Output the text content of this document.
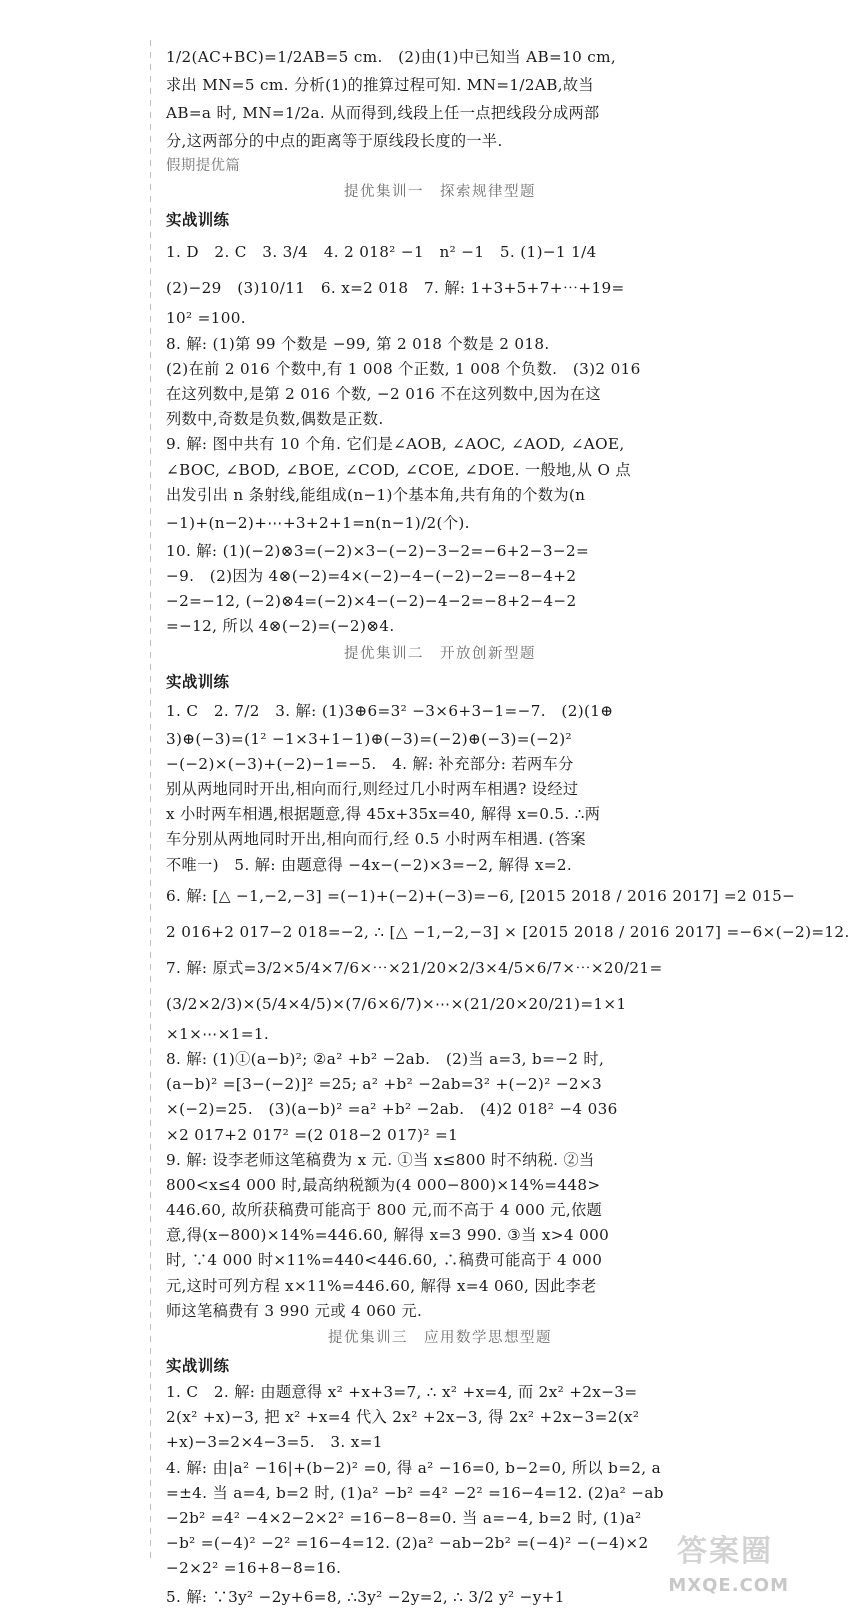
1/2(AC+BC)=1/2AB=5 cm.　(2)由(1)中已知当 AB=10 cm,
求出 MN=5 cm. 分析(1)的推算过程可知. MN=1/2AB,故当
AB=a 时, MN=1/2a. 从而得到,线段上任一点把线段分成两部
分,这两部分的中点的距离等于原线段长度的一半.
假期提优篇
提优集训一　探索规律型题
实战训练
1. D　2. C　3. 3/4　4. 2 018² −1　n² −1　5. (1)−1 1/4
(2)−29　(3)10/11　6. x=2 018　7. 解: 1+3+5+7+⋯+19=
10² =100.
8. 解: (1)第 99 个数是 −99, 第 2 018 个数是 2 018.
(2)在前 2 016 个数中,有 1 008 个正数, 1 008 个负数.　(3)2 016
在这列数中,是第 2 016 个数, −2 016 不在这列数中,因为在这
列数中,奇数是负数,偶数是正数.
9. 解: 图中共有 10 个角. 它们是∠AOB, ∠AOC, ∠AOD, ∠AOE,
∠BOC, ∠BOD, ∠BOE, ∠COD, ∠COE, ∠DOE. 一般地,从 O 点
出发引出 n 条射线,能组成(n−1)个基本角,共有角的个数为(n
−1)+(n−2)+⋯+3+2+1=n(n−1)/2(个).
10. 解: (1)(−2)⊗3=(−2)×3−(−2)−3−2=−6+2−3−2=
−9.　(2)因为 4⊗(−2)=4×(−2)−4−(−2)−2=−8−4+2
−2=−12, (−2)⊗4=(−2)×4−(−2)−4−2=−8+2−4−2
=−12, 所以 4⊗(−2)=(−2)⊗4.
提优集训二　开放创新型题
实战训练
1. C　2. 7/2　3. 解: (1)3⊕6=3² −3×6+3−1=−7.　(2)(1⊕
3)⊕(−3)=(1² −1×3+1−1)⊕(−3)=(−2)⊕(−3)=(−2)²
−(−2)×(−3)+(−2)−1=−5.　4. 解: 补充部分: 若两车分
别从两地同时开出,相向而行,则经过几小时两车相遇? 设经过
x 小时两车相遇,根据题意,得 45x+35x=40, 解得 x=0.5. ∴两
车分别从两地同时开出,相向而行,经 0.5 小时两车相遇. (答案
不唯一)　5. 解: 由题意得 −4x−(−2)×3=−2, 解得 x=2.
6. 解: [△ −1,−2,−3] =(−1)+(−2)+(−3)=−6, [2015 2018 / 2016 2017] =2 015−
2 016+2 017−2 018=−2, ∴ [△ −1,−2,−3] × [2015 2018 / 2016 2017] =−6×(−2)=12.
7. 解: 原式=3/2×5/4×7/6×⋯×21/20×2/3×4/5×6/7×⋯×20/21=
(3/2×2/3)×(5/4×4/5)×(7/6×6/7)×⋯×(21/20×20/21)=1×1
×1×⋯×1=1.
8. 解: (1)①(a−b)²; ②a² +b² −2ab.　(2)当 a=3, b=−2 时,
(a−b)² =[3−(−2)]² =25; a² +b² −2ab=3² +(−2)² −2×3
×(−2)=25.　(3)(a−b)² =a² +b² −2ab.　(4)2 018² −4 036
×2 017+2 017² =(2 018−2 017)² =1
9. 解: 设李老师这笔稿费为 x 元. ①当 x≤800 时不纳税. ②当
800<x≤4 000 时,最高纳税额为(4 000−800)×14%=448>
446.60, 故所获稿费可能高于 800 元,而不高于 4 000 元,依题
意,得(x−800)×14%=446.60, 解得 x=3 990. ③当 x>4 000
时, ∵4 000 时×11%=440<446.60, ∴稿费可能高于 4 000
元,这时可列方程 x×11%=446.60, 解得 x=4 060, 因此李老
师这笔稿费有 3 990 元或 4 060 元.
提优集训三　应用数学思想型题
实战训练
1. C　2. 解: 由题意得 x² +x+3=7, ∴ x² +x=4, 而 2x² +2x−3=
2(x² +x)−3, 把 x² +x=4 代入 2x² +2x−3, 得 2x² +2x−3=2(x²
+x)−3=2×4−3=5.　3. x=1
4. 解: 由|a² −16|+(b−2)² =0, 得 a² −16=0, b−2=0, 所以 b=2, a
=±4. 当 a=4, b=2 时, (1)a² −b² =4² −2² =16−4=12. (2)a² −ab
−2b² =4² −4×2−2×2² =16−8−8=0. 当 a=−4, b=2 时, (1)a²
−b² =(−4)² −2² =16−4=12. (2)a² −ab−2b² =(−4)² −(−4)×2
−2×2² =16+8−8=16.
5. 解: ∵3y² −2y+6=8, ∴3y² −2y=2, ∴ 3/2 y² −y+1
答案圈
MXQE.COM
